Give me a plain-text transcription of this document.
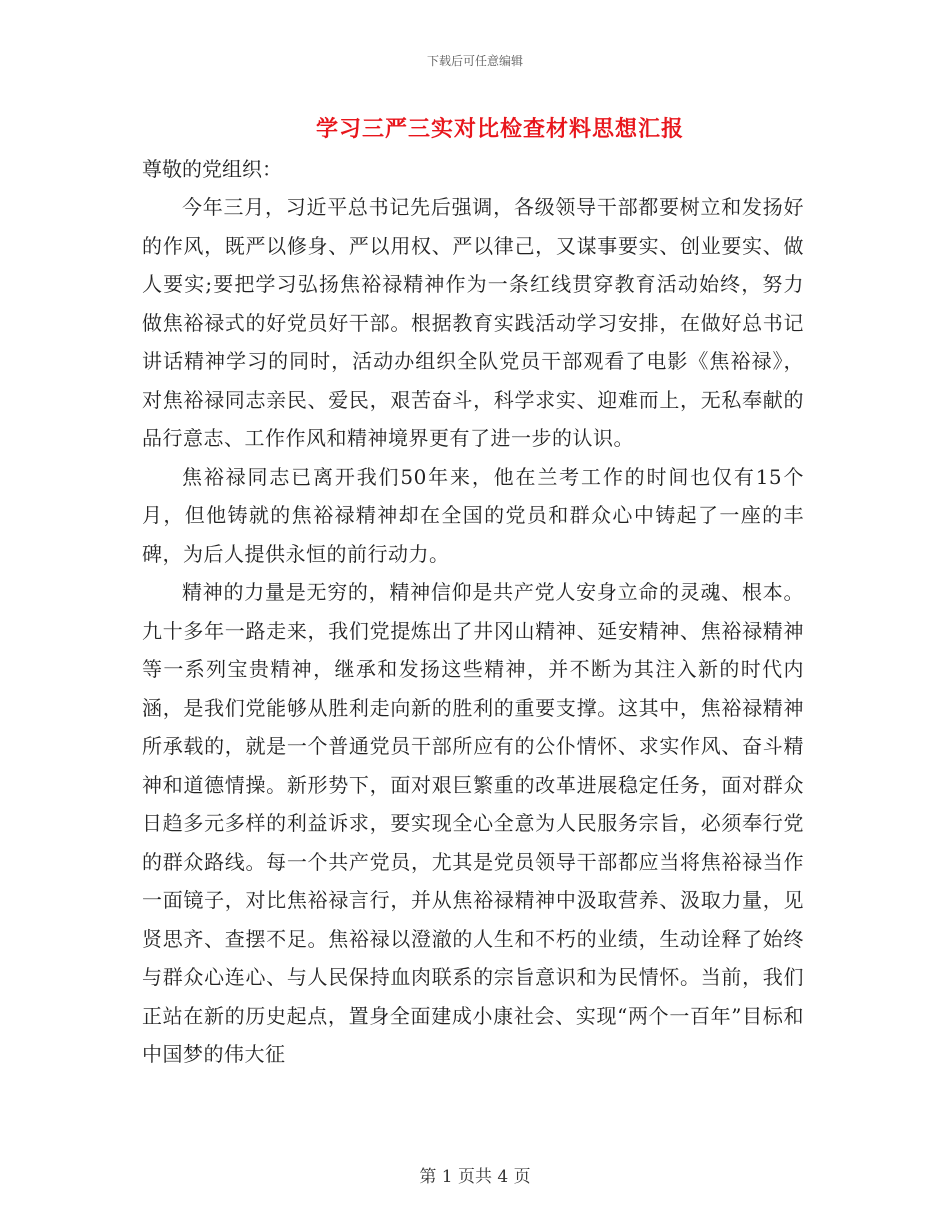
下载后可任意编辑
学习三严三实对比检查材料思想汇报
尊敬的党组织：

今年三月，习近平总书记先后强调，各级领导干部都要树立和发扬好的作风，既严以修身、严以用权、严以律己，又谋事要实、创业要实、做人要实;要把学习弘扬焦裕禄精神作为一条红线贯穿教育活动始终，努力做焦裕禄式的好党员好干部。根据教育实践活动学习安排，在做好总书记讲话精神学习的同时，活动办组织全队党员干部观看了电影《焦裕禄》，对焦裕禄同志亲民、爱民，艰苦奋斗，科学求实、迎难而上，无私奉献的品行意志、工作作风和精神境界更有了进一步的认识。

焦裕禄同志已离开我们50年来，他在兰考工作的时间也仅有15个月，但他铸就的焦裕禄精神却在全国的党员和群众心中铸起了一座的丰碑，为后人提供永恒的前行动力。

精神的力量是无穷的，精神信仰是共产党人安身立命的灵魂、根本。九十多年一路走来，我们党提炼出了井冈山精神、延安精神、焦裕禄精神等一系列宝贵精神，继承和发扬这些精神，并不断为其注入新的时代内涵，是我们党能够从胜利走向新的胜利的重要支撑。这其中，焦裕禄精神所承载的，就是一个普通党员干部所应有的公仆情怀、求实作风、奋斗精神和道德情操。新形势下，面对艰巨繁重的改革进展稳定任务，面对群众日趋多元多样的利益诉求，要实现全心全意为人民服务宗旨，必须奉行党的群众路线。每一个共产党员，尤其是党员领导干部都应当将焦裕禄当作一面镜子，对比焦裕禄言行，并从焦裕禄精神中汲取营养、汲取力量，见贤思齐、查摆不足。焦裕禄以澄澈的人生和不朽的业绩，生动诠释了始终与群众心连心、与人民保持血肉联系的宗旨意识和为民情怀。当前，我们正站在新的历史起点，置身全面建成小康社会、实现“两个一百年”目标和中国梦的伟大征

第 1 页共 4 页
